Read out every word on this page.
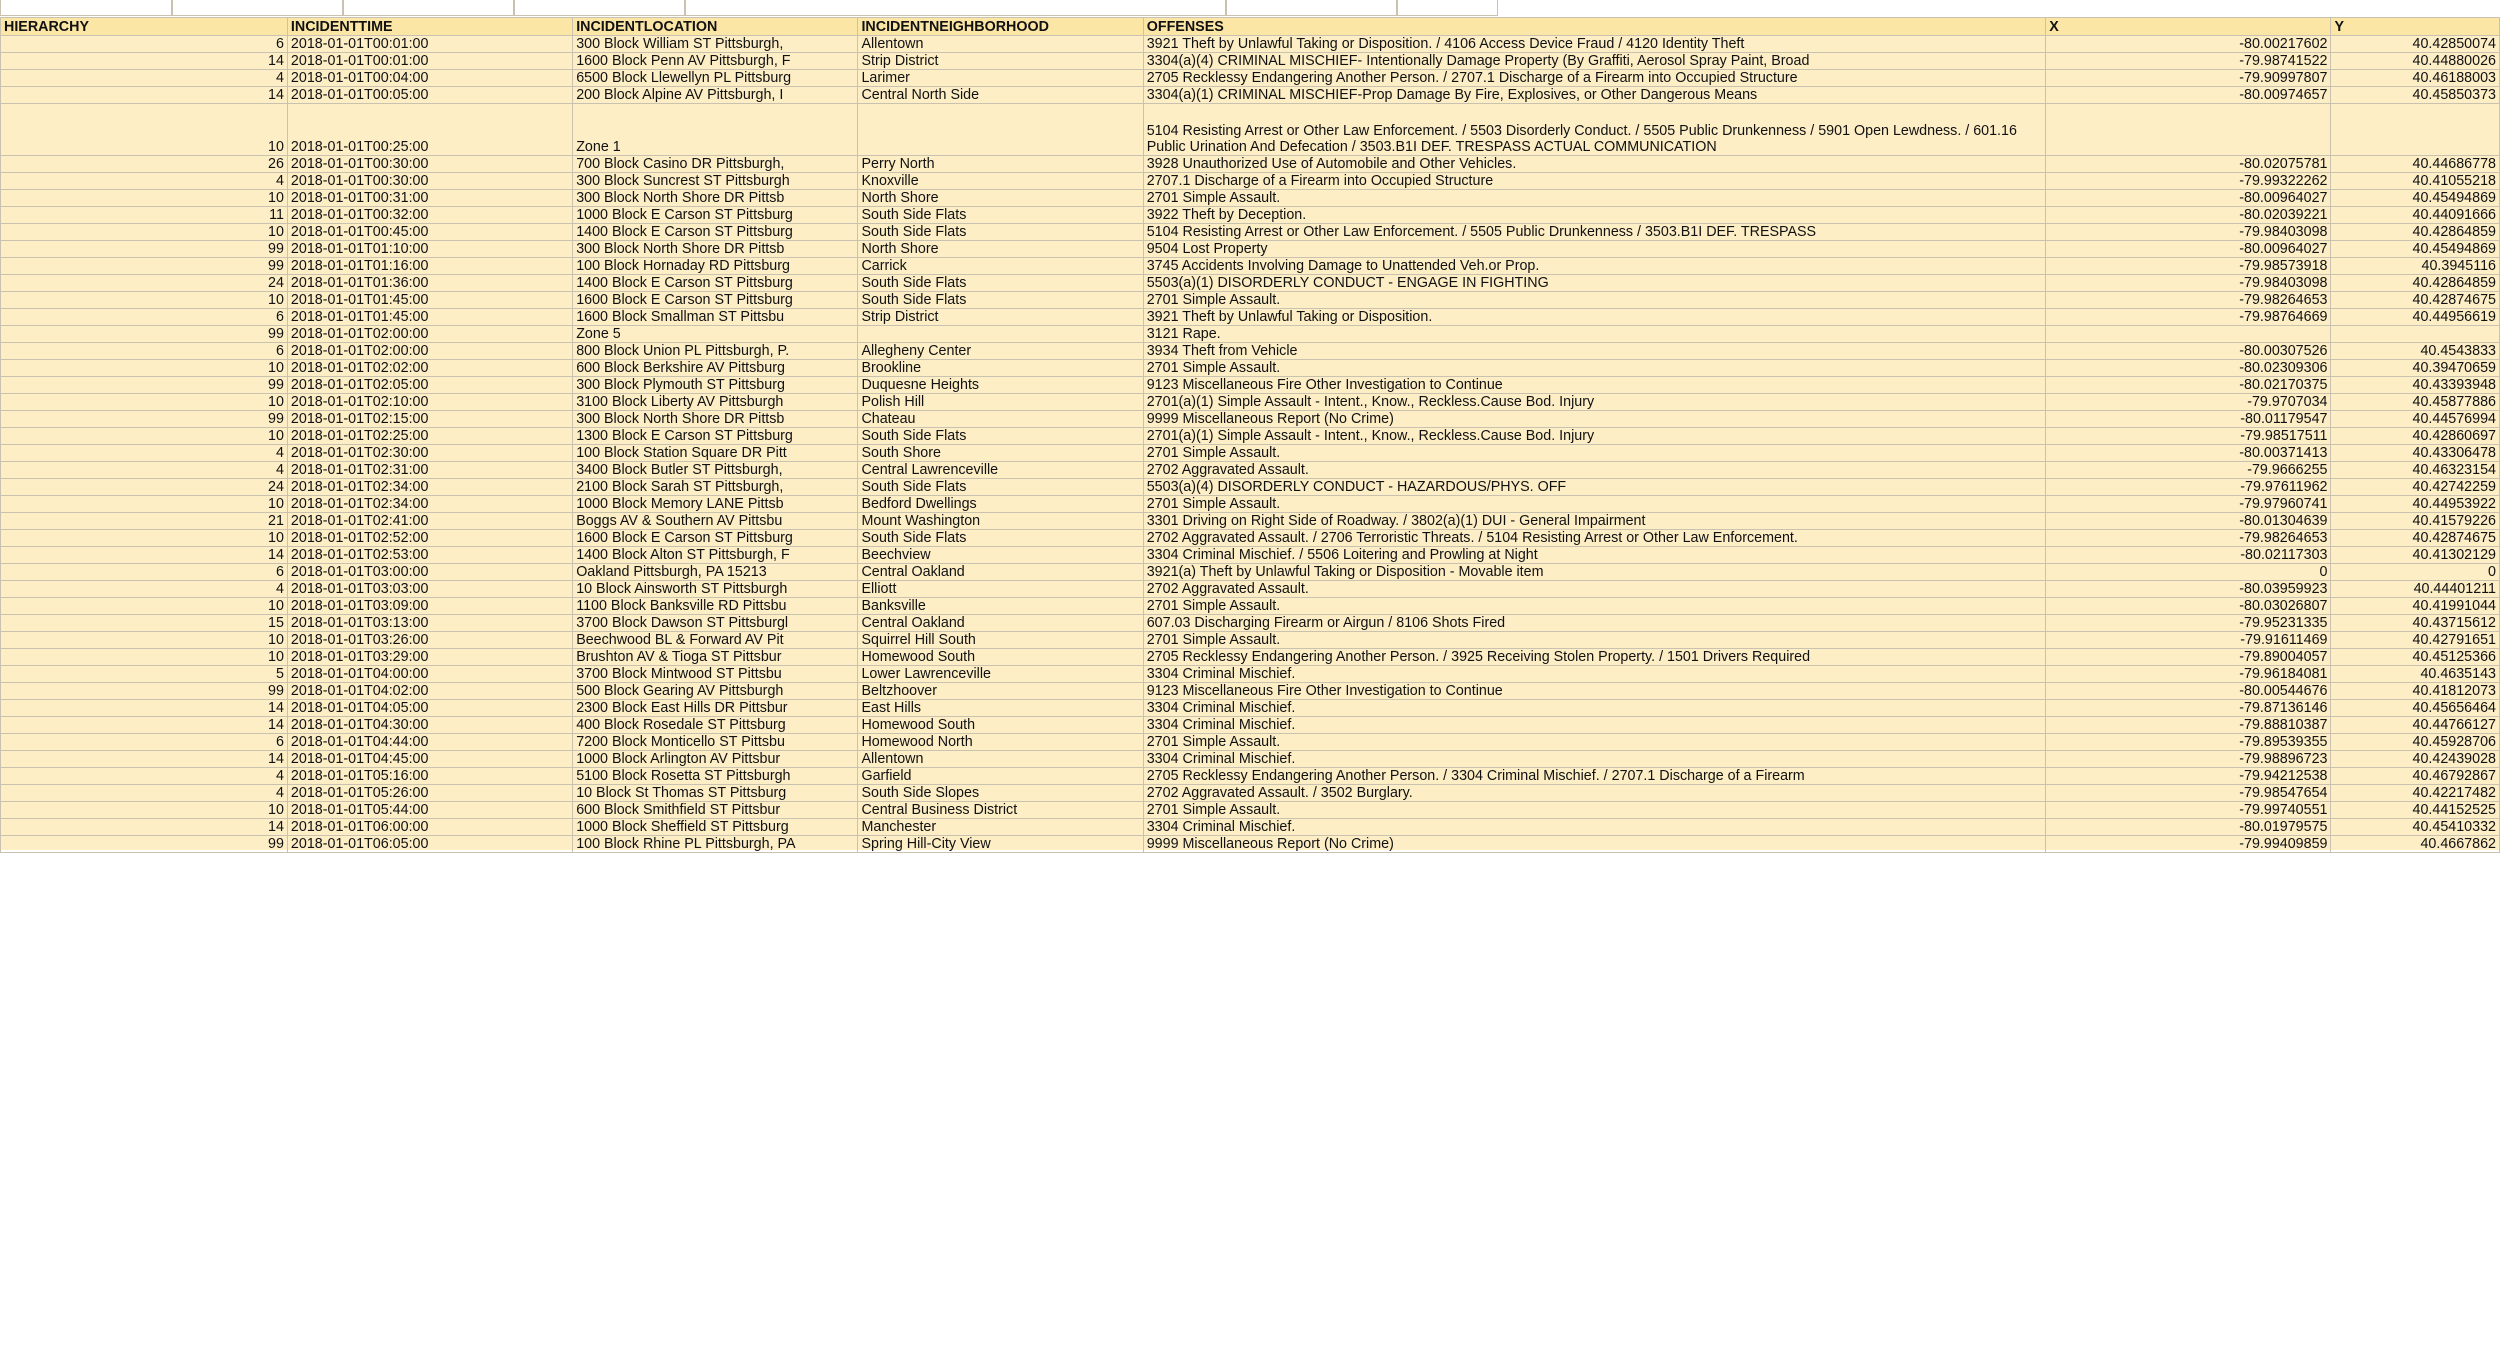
HIERARCHY	INCIDENTTIME	INCIDENTLOCATION	INCIDENTNEIGHBORHOOD	OFFENSES	X	Y
6	2018-01-01T00:01:00	300 Block William ST Pittsburgh,	Allentown	3921 Theft by Unlawful Taking or Disposition. / 4106 Access Device Fraud / 4120 Identity Theft	-80.00217602	40.42850074
14	2018-01-01T00:01:00	1600 Block Penn AV Pittsburgh, F	Strip District	3304(a)(4) CRIMINAL MISCHIEF- Intentionally Damage Property (By Graffiti, Aerosol Spray Paint, Broad	-79.98741522	40.44880026
4	2018-01-01T00:04:00	6500 Block Llewellyn PL Pittsburg	Larimer	2705 Recklessy Endangering Another Person. / 2707.1 Discharge of a Firearm into Occupied Structure	-79.90997807	40.46188003
14	2018-01-01T00:05:00	200 Block Alpine AV Pittsburgh, I	Central North Side	3304(a)(1) CRIMINAL MISCHIEF-Prop Damage By Fire, Explosives, or Other Dangerous Means	-80.00974657	40.45850373
10	2018-01-01T00:25:00	Zone 1		5104 Resisting Arrest or Other Law Enforcement. / 5503 Disorderly Conduct. / 5505 Public Drunkenness / 5901 Open Lewdness. / 601.16 Public Urination And Defecation / 3503.B1I DEF. TRESPASS ACTUAL COMMUNICATION		
26	2018-01-01T00:30:00	700 Block Casino DR Pittsburgh,	Perry North	3928 Unauthorized Use of Automobile and Other Vehicles.	-80.02075781	40.44686778
4	2018-01-01T00:30:00	300 Block Suncrest ST Pittsburgh	Knoxville	2707.1 Discharge of a Firearm into Occupied Structure	-79.99322262	40.41055218
10	2018-01-01T00:31:00	300 Block North Shore DR Pittsb	North Shore	2701 Simple Assault.	-80.00964027	40.45494869
11	2018-01-01T00:32:00	1000 Block E Carson ST Pittsburg	South Side Flats	3922 Theft by Deception.	-80.02039221	40.44091666
10	2018-01-01T00:45:00	1400 Block E Carson ST Pittsburg	South Side Flats	5104 Resisting Arrest or Other Law Enforcement. / 5505 Public Drunkenness / 3503.B1I DEF. TRESPASS	-79.98403098	40.42864859
99	2018-01-01T01:10:00	300 Block North Shore DR Pittsb	North Shore	9504 Lost Property	-80.00964027	40.45494869
99	2018-01-01T01:16:00	100 Block Hornaday RD Pittsburg	Carrick	3745 Accidents Involving Damage to Unattended Veh.or Prop.	-79.98573918	40.3945116
24	2018-01-01T01:36:00	1400 Block E Carson ST Pittsburg	South Side Flats	5503(a)(1) DISORDERLY CONDUCT - ENGAGE IN FIGHTING	-79.98403098	40.42864859
10	2018-01-01T01:45:00	1600 Block E Carson ST Pittsburg	South Side Flats	2701 Simple Assault.	-79.98264653	40.42874675
6	2018-01-01T01:45:00	1600 Block Smallman ST Pittsbu	Strip District	3921 Theft by Unlawful Taking or Disposition.	-79.98764669	40.44956619
99	2018-01-01T02:00:00	Zone 5		3121 Rape.		
6	2018-01-01T02:00:00	800 Block Union PL Pittsburgh, P.	Allegheny Center	3934 Theft from Vehicle	-80.00307526	40.4543833
10	2018-01-01T02:02:00	600 Block Berkshire AV Pittsburg	Brookline	2701 Simple Assault.	-80.02309306	40.39470659
99	2018-01-01T02:05:00	300 Block Plymouth ST Pittsburg	Duquesne Heights	9123 Miscellaneous Fire Other Investigation to Continue	-80.02170375	40.43393948
10	2018-01-01T02:10:00	3100 Block Liberty AV Pittsburgh	Polish Hill	2701(a)(1) Simple Assault - Intent., Know., Reckless.Cause Bod. Injury	-79.9707034	40.45877886
99	2018-01-01T02:15:00	300 Block North Shore DR Pittsb	Chateau	9999 Miscellaneous Report (No Crime)	-80.01179547	40.44576994
10	2018-01-01T02:25:00	1300 Block E Carson ST Pittsburg	South Side Flats	2701(a)(1) Simple Assault - Intent., Know., Reckless.Cause Bod. Injury	-79.98517511	40.42860697
4	2018-01-01T02:30:00	100 Block Station Square DR Pitt	South Shore	2701 Simple Assault.	-80.00371413	40.43306478
4	2018-01-01T02:31:00	3400 Block Butler ST Pittsburgh,	Central Lawrenceville	2702 Aggravated Assault.	-79.9666255	40.46323154
24	2018-01-01T02:34:00	2100 Block Sarah ST Pittsburgh,	South Side Flats	5503(a)(4) DISORDERLY CONDUCT - HAZARDOUS/PHYS. OFF	-79.97611962	40.42742259
10	2018-01-01T02:34:00	1000 Block Memory LANE Pittsb	Bedford Dwellings	2701 Simple Assault.	-79.97960741	40.44953922
21	2018-01-01T02:41:00	Boggs AV & Southern AV Pittsbu	Mount Washington	3301 Driving on Right Side of Roadway. / 3802(a)(1) DUI - General Impairment	-80.01304639	40.41579226
10	2018-01-01T02:52:00	1600 Block E Carson ST Pittsburg	South Side Flats	2702 Aggravated Assault. / 2706 Terroristic Threats. / 5104 Resisting Arrest or Other Law Enforcement.	-79.98264653	40.42874675
14	2018-01-01T02:53:00	1400 Block Alton ST Pittsburgh, F	Beechview	3304 Criminal Mischief. / 5506 Loitering and Prowling at Night	-80.02117303	40.41302129
6	2018-01-01T03:00:00	Oakland Pittsburgh, PA 15213	Central Oakland	3921(a) Theft by Unlawful Taking or Disposition - Movable item	0	0
4	2018-01-01T03:03:00	10 Block Ainsworth ST Pittsburgh	Elliott	2702 Aggravated Assault.	-80.03959923	40.44401211
10	2018-01-01T03:09:00	1100 Block Banksville RD Pittsbu	Banksville	2701 Simple Assault.	-80.03026807	40.41991044
15	2018-01-01T03:13:00	3700 Block Dawson ST Pittsburgl	Central Oakland	607.03 Discharging Firearm or Airgun / 8106 Shots Fired	-79.95231335	40.43715612
10	2018-01-01T03:26:00	Beechwood BL & Forward AV Pit	Squirrel Hill South	2701 Simple Assault.	-79.91611469	40.42791651
10	2018-01-01T03:29:00	Brushton AV & Tioga ST Pittsbur	Homewood South	2705 Recklessy Endangering Another Person. / 3925 Receiving Stolen Property. / 1501 Drivers Required	-79.89004057	40.45125366
5	2018-01-01T04:00:00	3700 Block Mintwood ST Pittsbu	Lower Lawrenceville	3304 Criminal Mischief.	-79.96184081	40.4635143
99	2018-01-01T04:02:00	500 Block Gearing AV Pittsburgh	Beltzhoover	9123 Miscellaneous Fire Other Investigation to Continue	-80.00544676	40.41812073
14	2018-01-01T04:05:00	2300 Block East Hills DR Pittsbur	East Hills	3304 Criminal Mischief.	-79.87136146	40.45656464
14	2018-01-01T04:30:00	400 Block Rosedale ST Pittsburg	Homewood South	3304 Criminal Mischief.	-79.88810387	40.44766127
6	2018-01-01T04:44:00	7200 Block Monticello ST Pittsbu	Homewood North	2701 Simple Assault.	-79.89539355	40.45928706
14	2018-01-01T04:45:00	1000 Block Arlington AV Pittsbur	Allentown	3304 Criminal Mischief.	-79.98896723	40.42439028
4	2018-01-01T05:16:00	5100 Block Rosetta ST Pittsburgh	Garfield	2705 Recklessy Endangering Another Person. / 3304 Criminal Mischief. / 2707.1 Discharge of a Firearm	-79.94212538	40.46792867
4	2018-01-01T05:26:00	10 Block St Thomas ST Pittsburg	South Side Slopes	2702 Aggravated Assault. / 3502 Burglary.	-79.98547654	40.42217482
10	2018-01-01T05:44:00	600 Block Smithfield ST Pittsbur	Central Business District	2701 Simple Assault.	-79.99740551	40.44152525
14	2018-01-01T06:00:00	1000 Block Sheffield ST Pittsburg	Manchester	3304 Criminal Mischief.	-80.01979575	40.45410332
99	2018-01-01T06:05:00	100 Block Rhine PL Pittsburgh, PA	Spring Hill-City View	9999 Miscellaneous Report (No Crime)	-79.99409859	40.4667862
